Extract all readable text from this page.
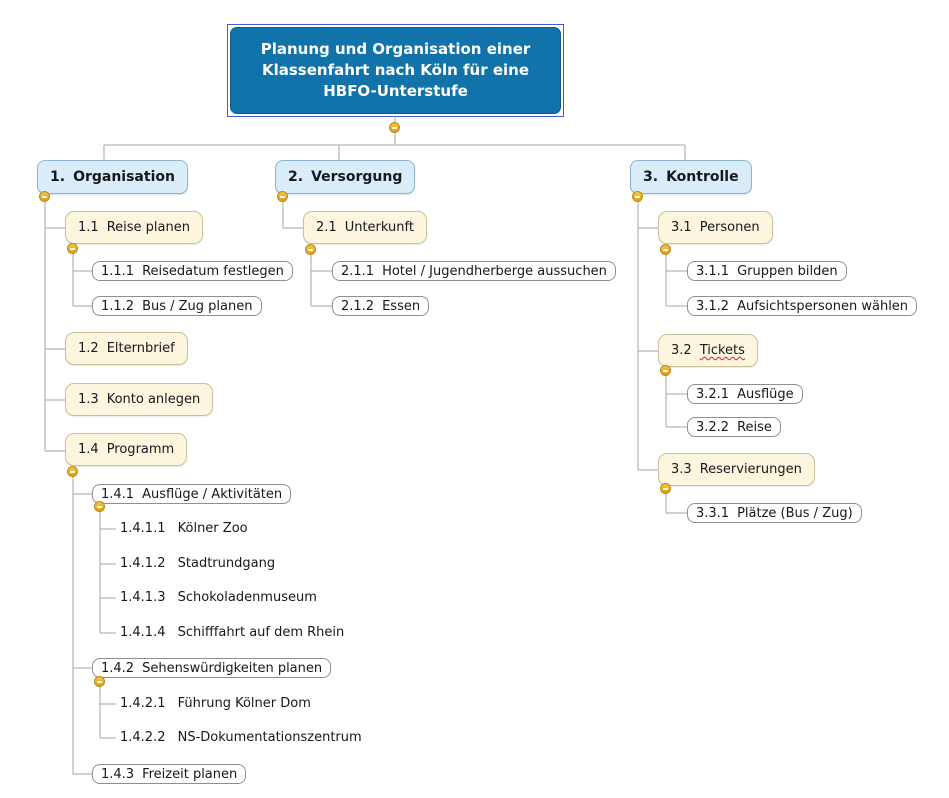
Planung und Organisation einer Klassenfahrt nach Köln für eine HBFO-Unterstufe
1. Organisation	2. Versorgung	3. Kontrolle
1.1 Reise planen
1.1.1 Reisedatum festlegen
1.1.2 Bus / Zug planen
1.2 Elternbrief
1.3 Konto anlegen
1.4 Programm
1.4.1 Ausflüge / Aktivitäten
1.4.1.1 Kölner Zoo
1.4.1.2 Stadtrundgang
1.4.1.3 Schokoladenmuseum
1.4.1.4 Schifffahrt auf dem Rhein
1.4.2 Sehenswürdigkeiten planen
1.4.2.1 Führung Kölner Dom
1.4.2.2 NS-Dokumentationszentrum
1.4.3 Freizeit planen
2.1 Unterkunft
2.1.1 Hotel / Jugendherberge aussuchen
2.1.2 Essen
3.1 Personen
3.1.1 Gruppen bilden
3.1.2 Aufsichtspersonen wählen
3.2 Tickets
3.2.1 Ausflüge
3.2.2 Reise
3.3 Reservierungen
3.3.1 Plätze (Bus / Zug)
